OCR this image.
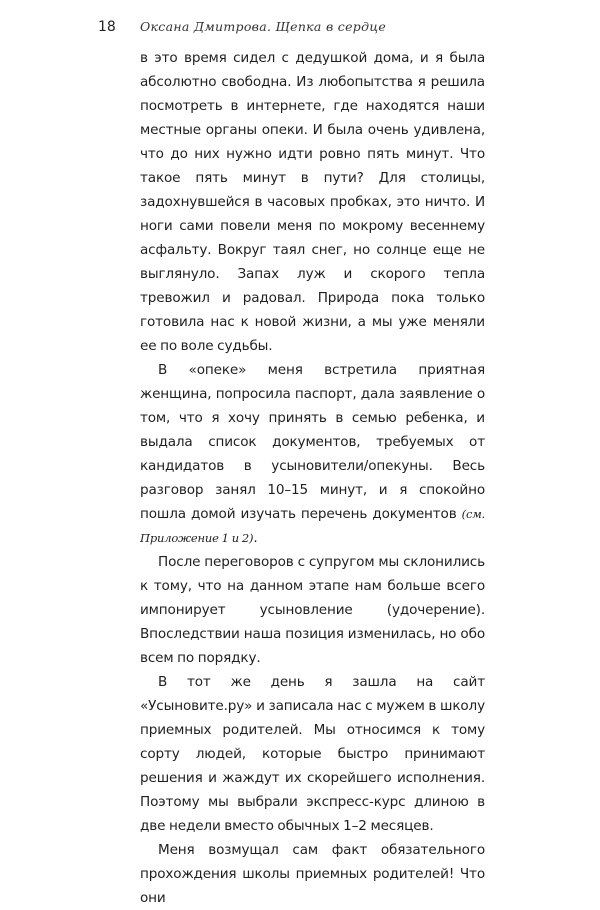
18 Оксана Дмитрова. Щепка в сердце

в это время сидел с дедушкой дома, и я была абсолютно свободна. Из любопытства я решила посмотреть в интернете, где находятся наши местные органы опеки. И была очень удивлена, что до них нужно идти ровно пять минут. Что такое пять минут в пути? Для столицы, задохнувшейся в часовых пробках, это ничто. И ноги сами повели меня по мокрому весеннему асфальту. Вокруг таял снег, но солнце еще не выглянуло. Запах луж и скорого тепла тревожил и радовал. Природа пока только готовила нас к новой жизни, а мы уже меняли ее по воле судьбы.

В «опеке» меня встретила приятная женщина, попросила паспорт, дала заявление о том, что я хочу принять в семью ребенка, и выдала список документов, требуемых от кандидатов в усыновители/опекуны. Весь разговор занял 10–15 минут, и я спокойно пошла домой изучать перечень документов (см. Приложение 1 и 2).

После переговоров с супругом мы склонились к тому, что на данном этапе нам больше всего импонирует усыновление (удочерение). Впоследствии наша позиция изменилась, но обо всем по порядку.

В тот же день я зашла на сайт «Усыновите.ру» и записала нас с мужем в школу приемных родителей. Мы относимся к тому сорту людей, которые быстро принимают решения и жаждут их скорейшего исполнения. Поэтому мы выбрали экспресс-курс длиною в две недели вместо обычных 1–2 месяцев.

Меня возмущал сам факт обязательного прохождения школы приемных родителей! Что они
